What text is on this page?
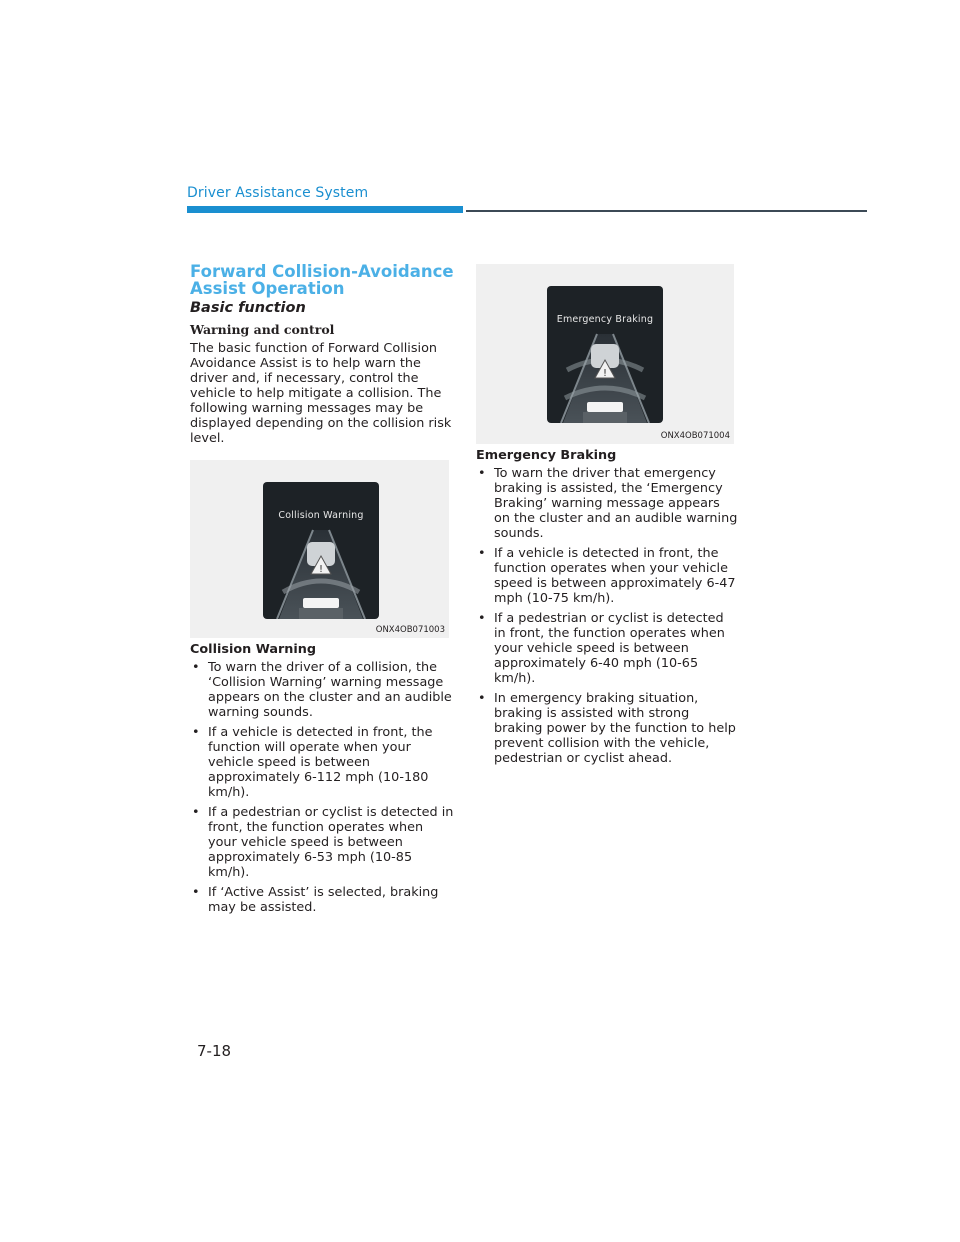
Driver Assistance System
Forward Collision-Avoidance Assist Operation
Basic function
Warning and control

The basic function of Forward Collision Avoidance Assist is to help warn the driver and, if necessary, control the vehicle to help mitigate a collision. The following warning messages may be displayed depending on the collision risk level.

!
Collision Warning
ONX4OB071003
Collision Warning
• To warn the driver of a collision, the ‘Collision Warning’ warning message appears on the cluster and an audible warning sounds.
• If a vehicle is detected in front, the function will operate when your vehicle speed is between approximately 6-112 mph (10-180 km/h).
• If a pedestrian or cyclist is detected in front, the function operates when your vehicle speed is between approximately 6-53 mph (10-85 km/h).
• If ‘Active Assist’ is selected, braking may be assisted.
!
Emergency Braking
ONX4OB071004
Emergency Braking
• To warn the driver that emergency braking is assisted, the ‘Emergency Braking’ warning message appears on the cluster and an audible warning sounds.
• If a vehicle is detected in front, the function operates when your vehicle speed is between approximately 6-47 mph (10-75 km/h).
• If a pedestrian or cyclist is detected in front, the function operates when your vehicle speed is between approximately 6-40 mph (10-65 km/h).
• In emergency braking situation, braking is assisted with strong braking power by the function to help prevent collision with the vehicle, pedestrian or cyclist ahead.
7-18
